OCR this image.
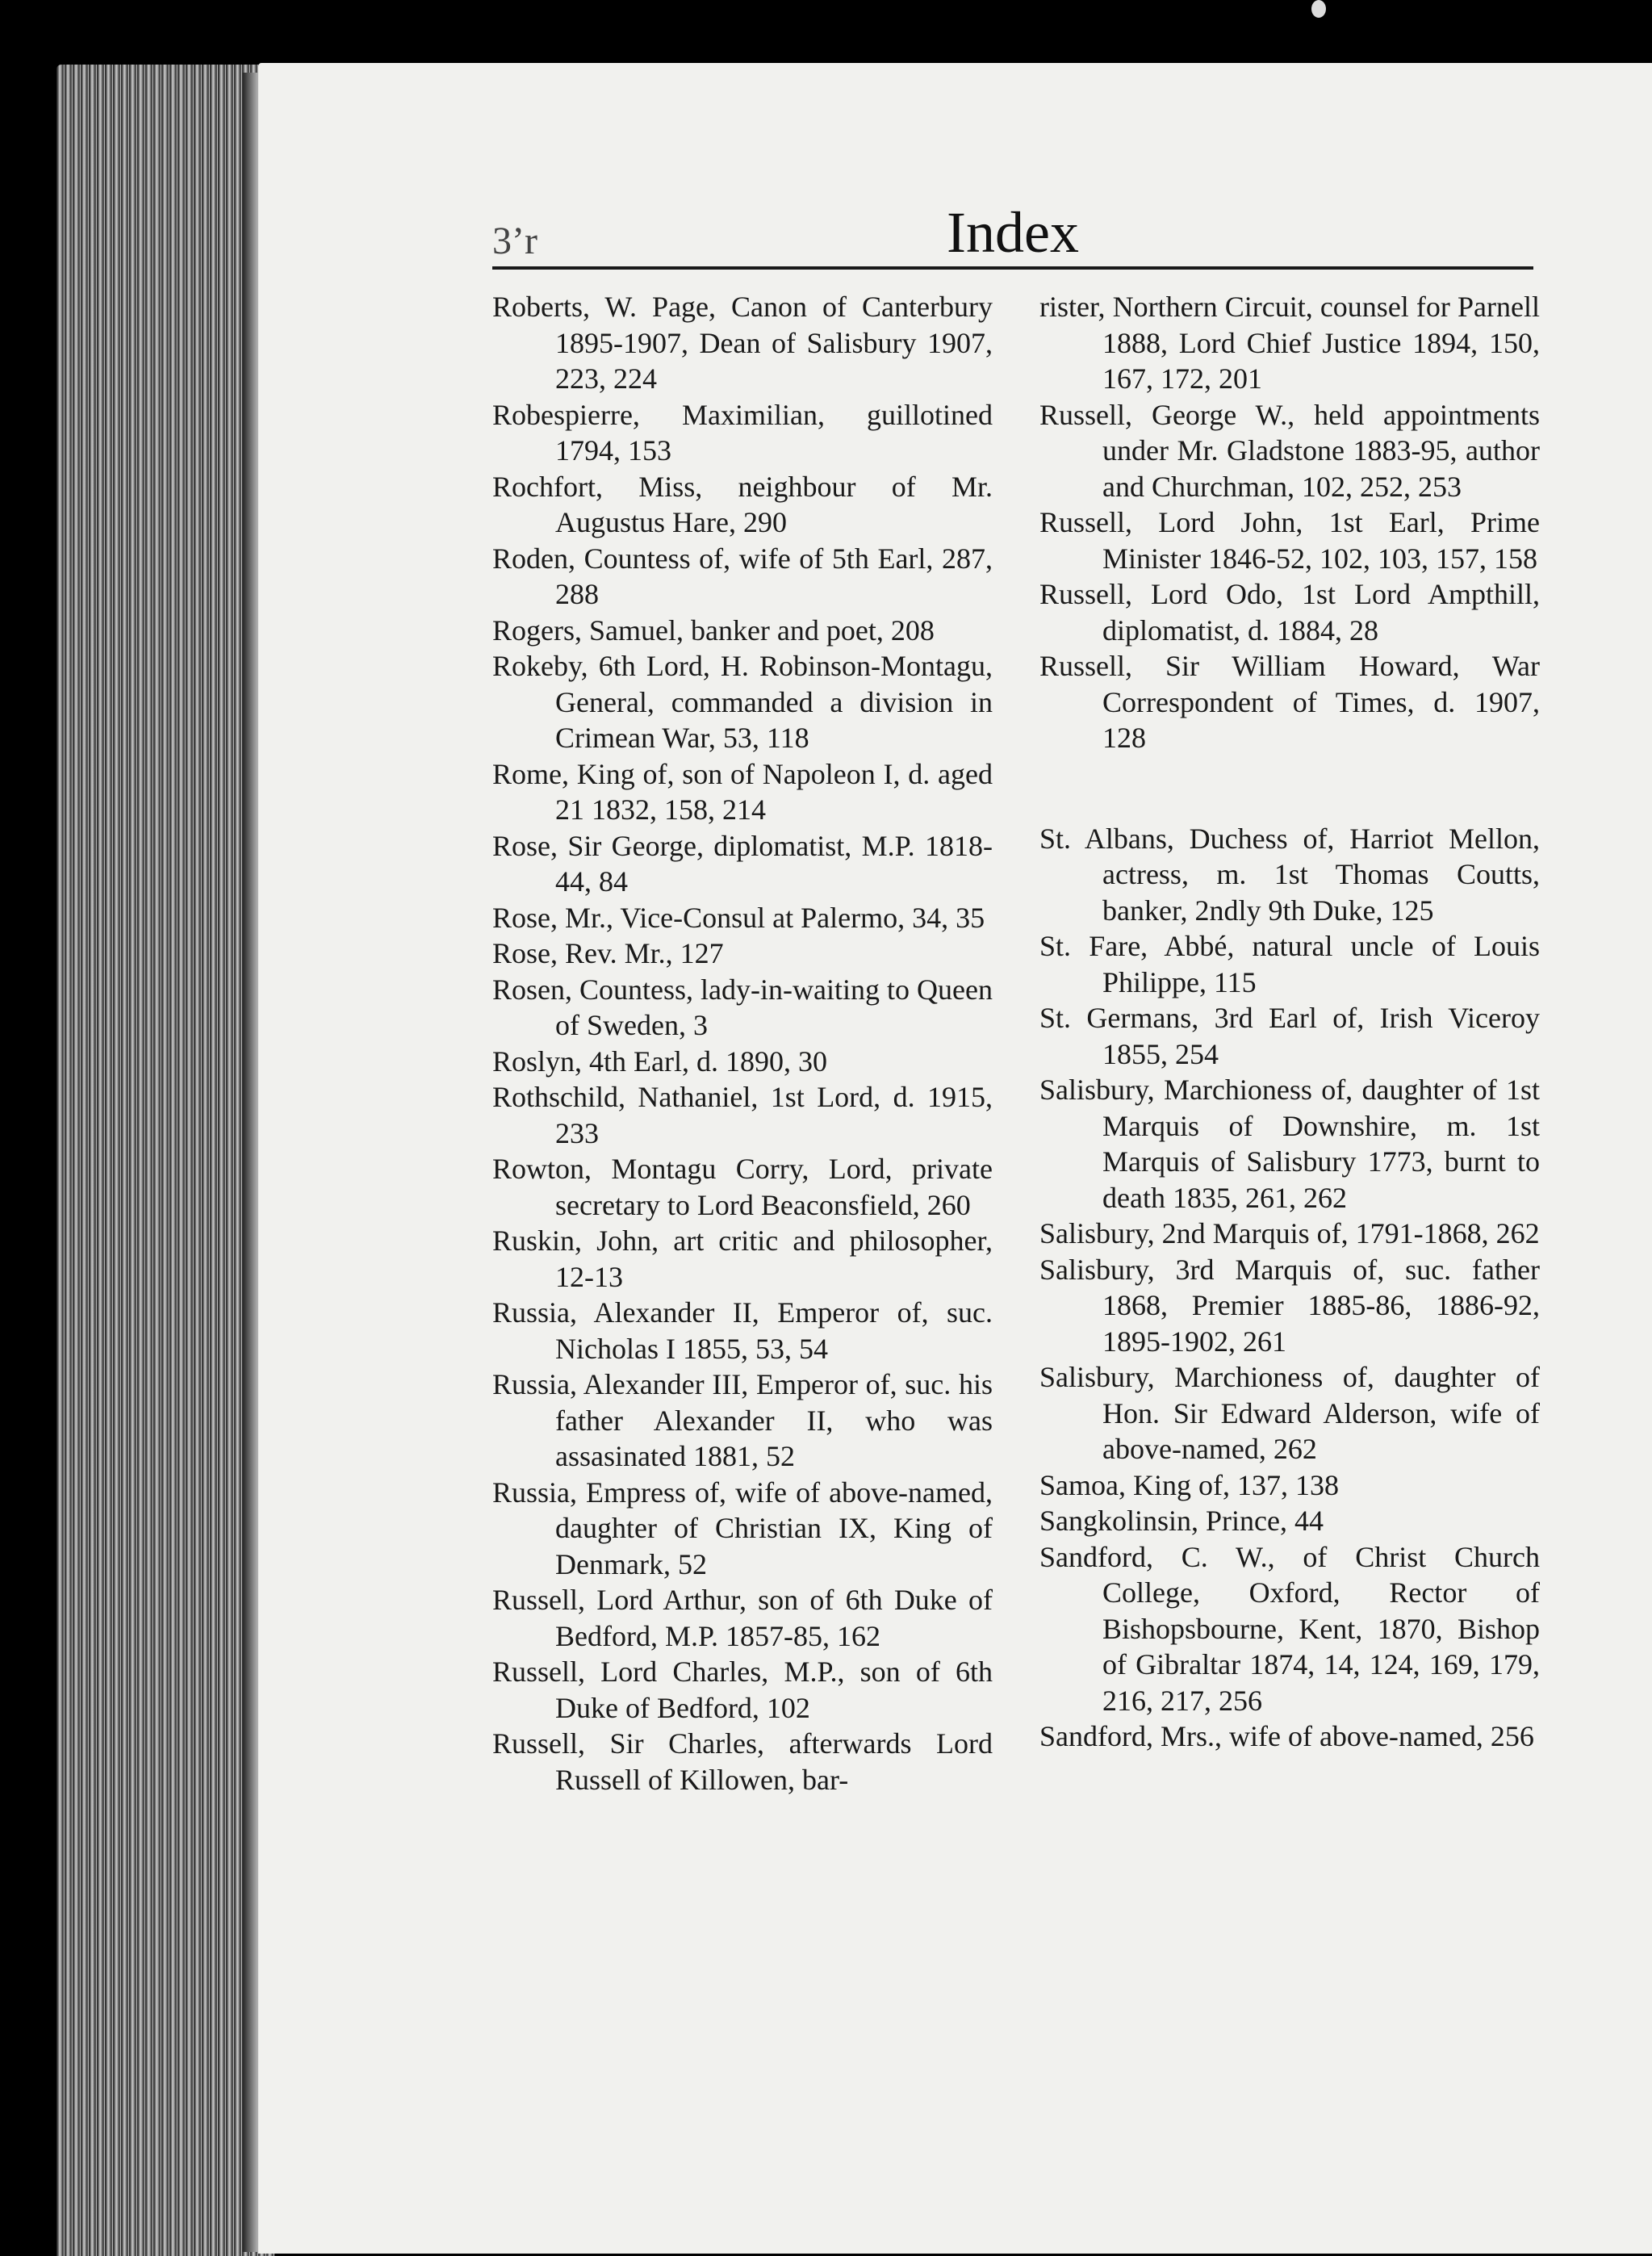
3’r	Index
Roberts, W. Page, Canon of Canterbury 1895-1907, Dean of Salisbury 1907, 223, 224
Robespierre, Maximilian, guillotined 1794, 153
Rochfort, Miss, neighbour of Mr. Augustus Hare, 290
Roden, Countess of, wife of 5th Earl, 287, 288
Rogers, Samuel, banker and poet, 208
Rokeby, 6th Lord, H. Robinson-Montagu, General, commanded a division in Crimean War, 53, 118
Rome, King of, son of Napoleon I, d. aged 21 1832, 158, 214
Rose, Sir George, diplomatist, M.P. 1818-44, 84
Rose, Mr., Vice-Consul at Palermo, 34, 35
Rose, Rev. Mr., 127
Rosen, Countess, lady-in-waiting to Queen of Sweden, 3
Roslyn, 4th Earl, d. 1890, 30
Rothschild, Nathaniel, 1st Lord, d. 1915, 233
Rowton, Montagu Corry, Lord, private secretary to Lord Beaconsfield, 260
Ruskin, John, art critic and philosopher, 12-13
Russia, Alexander II, Emperor of, suc. Nicholas I 1855, 53, 54
Russia, Alexander III, Emperor of, suc. his father Alexander II, who was assasinated 1881, 52
Russia, Empress of, wife of above-named, daughter of Christian IX, King of Denmark, 52
Russell, Lord Arthur, son of 6th Duke of Bedford, M.P. 1857-85, 162
Russell, Lord Charles, M.P., son of 6th Duke of Bedford, 102
Russell, Sir Charles, afterwards Lord Russell of Killowen, bar-
rister, Northern Circuit, counsel for Parnell 1888, Lord Chief Justice 1894, 150, 167, 172, 201
Russell, George W., held appointments under Mr. Gladstone 1883-95, author and Churchman, 102, 252, 253
Russell, Lord John, 1st Earl, Prime Minister 1846-52, 102, 103, 157, 158
Russell, Lord Odo, 1st Lord Ampthill, diplomatist, d. 1884, 28
Russell, Sir William Howard, War Correspondent of Times, d. 1907, 128
St. Albans, Duchess of, Harriot Mellon, actress, m. 1st Thomas Coutts, banker, 2ndly 9th Duke, 125
St. Fare, Abbé, natural uncle of Louis Philippe, 115
St. Germans, 3rd Earl of, Irish Viceroy 1855, 254
Salisbury, Marchioness of, daughter of 1st Marquis of Downshire, m. 1st Marquis of Salisbury 1773, burnt to death 1835, 261, 262
Salisbury, 2nd Marquis of, 1791-1868, 262
Salisbury, 3rd Marquis of, suc. father 1868, Premier 1885-86, 1886-92, 1895-1902, 261
Salisbury, Marchioness of, daughter of Hon. Sir Edward Alderson, wife of above-named, 262
Samoa, King of, 137, 138
Sangkolinsin, Prince, 44
Sandford, C. W., of Christ Church College, Oxford, Rector of Bishopsbourne, Kent, 1870, Bishop of Gibraltar 1874, 14, 124, 169, 179, 216, 217, 256
Sandford, Mrs., wife of above-named, 256
